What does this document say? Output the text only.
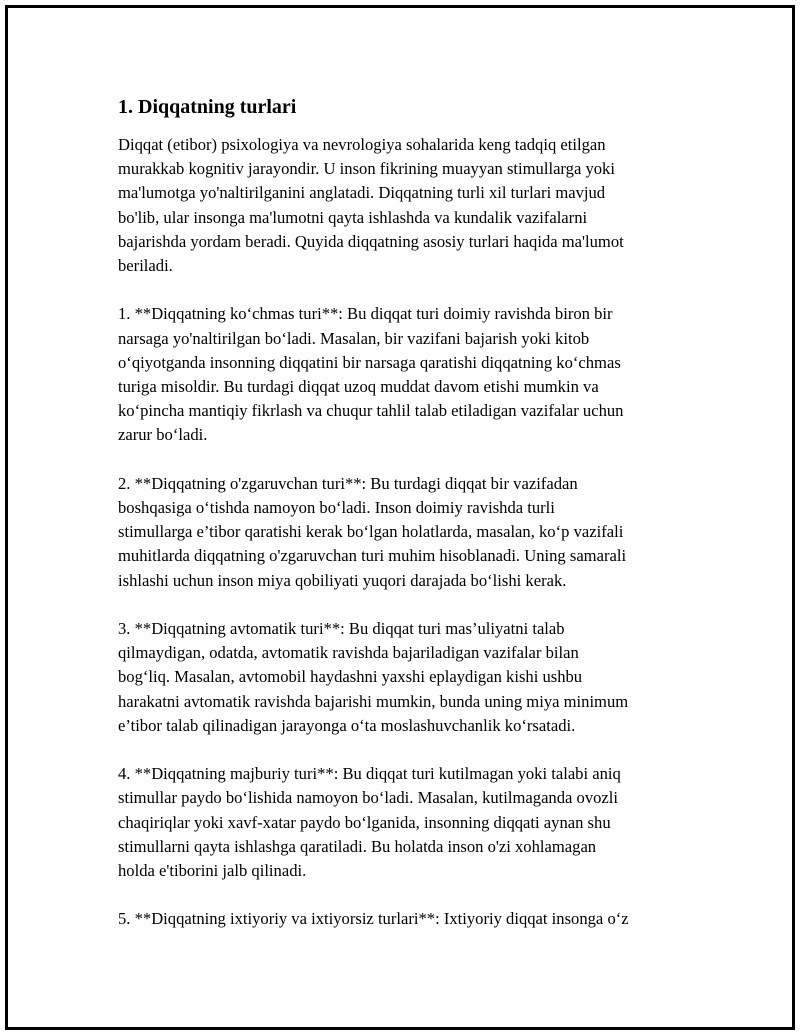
1. Diqqatning turlari

Diqqat (etibor) psixologiya va nevrologiya sohalarida keng tadqiq etilgan
murakkab kognitiv jarayondir. U inson fikrining muayyan stimullarga yoki
ma'lumotga yo'naltirilganini anglatadi. Diqqatning turli xil turlari mavjud
bo'lib, ular insonga ma'lumotni qayta ishlashda va kundalik vazifalarni
bajarishda yordam beradi. Quyida diqqatning asosiy turlari haqida ma'lumot
beriladi.

1. **Diqqatning ko‘chmas turi**: Bu diqqat turi doimiy ravishda biron bir
narsaga yo'naltirilgan bo‘ladi. Masalan, bir vazifani bajarish yoki kitob
o‘qiyotganda insonning diqqatini bir narsaga qaratishi diqqatning ko‘chmas
turiga misoldir. Bu turdagi diqqat uzoq muddat davom etishi mumkin va
ko‘pincha mantiqiy fikrlash va chuqur tahlil talab etiladigan vazifalar uchun
zarur bo‘ladi.

2. **Diqqatning o'zgaruvchan turi**: Bu turdagi diqqat bir vazifadan
boshqasiga o‘tishda namoyon bo‘ladi. Inson doimiy ravishda turli
stimullarga e’tibor qaratishi kerak bo‘lgan holatlarda, masalan, ko‘p vazifali
muhitlarda diqqatning o'zgaruvchan turi muhim hisoblanadi. Uning samarali
ishlashi uchun inson miya qobiliyati yuqori darajada bo‘lishi kerak.

3. **Diqqatning avtomatik turi**: Bu diqqat turi mas’uliyatni talab
qilmaydigan, odatda, avtomatik ravishda bajariladigan vazifalar bilan
bog‘liq. Masalan, avtomobil haydashni yaxshi eplaydigan kishi ushbu
harakatni avtomatik ravishda bajarishi mumkin, bunda uning miya minimum
e’tibor talab qilinadigan jarayonga o‘ta moslashuvchanlik ko‘rsatadi.

4. **Diqqatning majburiy turi**: Bu diqqat turi kutilmagan yoki talabi aniq
stimullar paydo bo‘lishida namoyon bo‘ladi. Masalan, kutilmaganda ovozli
chaqiriqlar yoki xavf-xatar paydo bo‘lganida, insonning diqqati aynan shu
stimullarni qayta ishlashga qaratiladi. Bu holatda inson o'zi xohlamagan
holda e'tiborini jalb qilinadi.

5. **Diqqatning ixtiyoriy va ixtiyorsiz turlari**: Ixtiyoriy diqqat insonga o‘z
